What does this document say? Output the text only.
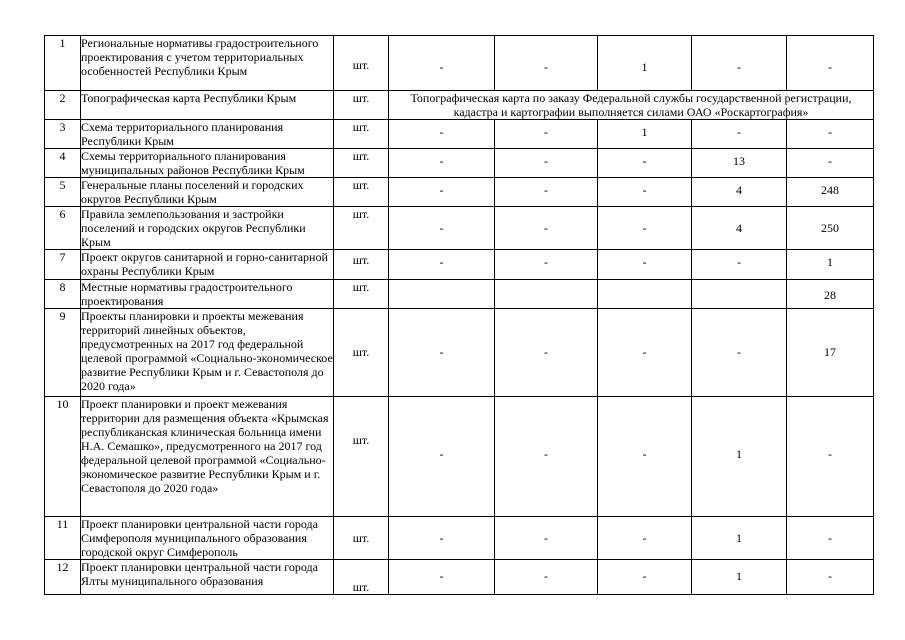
1	Региональные нормативы градостроительного проектирования с учетом территориальных особенностей Республики Крым	шт.	-	-	1	-	-

2	Топографическая карта Республики Крым	шт.	Топографическая карта по заказу Федеральной службы государственной регистрации, кадастра и картографии выполняется силами ОАО «Роскартография»				
3	Схема территориального планирования Республики Крым	шт.	-	-	1	-	-

4	Схемы территориального планирования муниципальных районов Республики Крым	шт.	-	-	-	13	-

5	Генеральные планы поселений и городских округов Республики Крым	шт.	-	-	-	4	248

6	Правила землепользования и застройки поселений и городских округов Республики Крым	шт.	-	-	-	4	250

7	Проект округов санитарной и горно-санитарной охраны Республики Крым	шт.	-	-	-	-	1

8	Местные нормативы градостроительного проектирования	шт.					28

9	Проекты планировки и проекты межевания территорий линейных объектов, предусмотренных на 2017 год федеральной целевой программой «Социально-экономическое развитие Республики Крым и г. Севастополя до 2020 года»	шт.	-	-	-	-	17

10	Проект планировки и проект межевания территории для размещения объекта «Крымская республиканская клиническая больница имени Н.А. Семашко», предусмотренного на 2017 год федеральной целевой программой «Социально-экономическое развитие Республики Крым и г. Севастополя до 2020 года»	шт.	-	-	-	1	-

11	Проект планировки центральной части города Симферополя муниципального образования городской округ Симферополь	шт.	-	-	-	1	-

12	Проект планировки центральной части города Ялты муниципального образования	шт.	-	-	-	1	-
